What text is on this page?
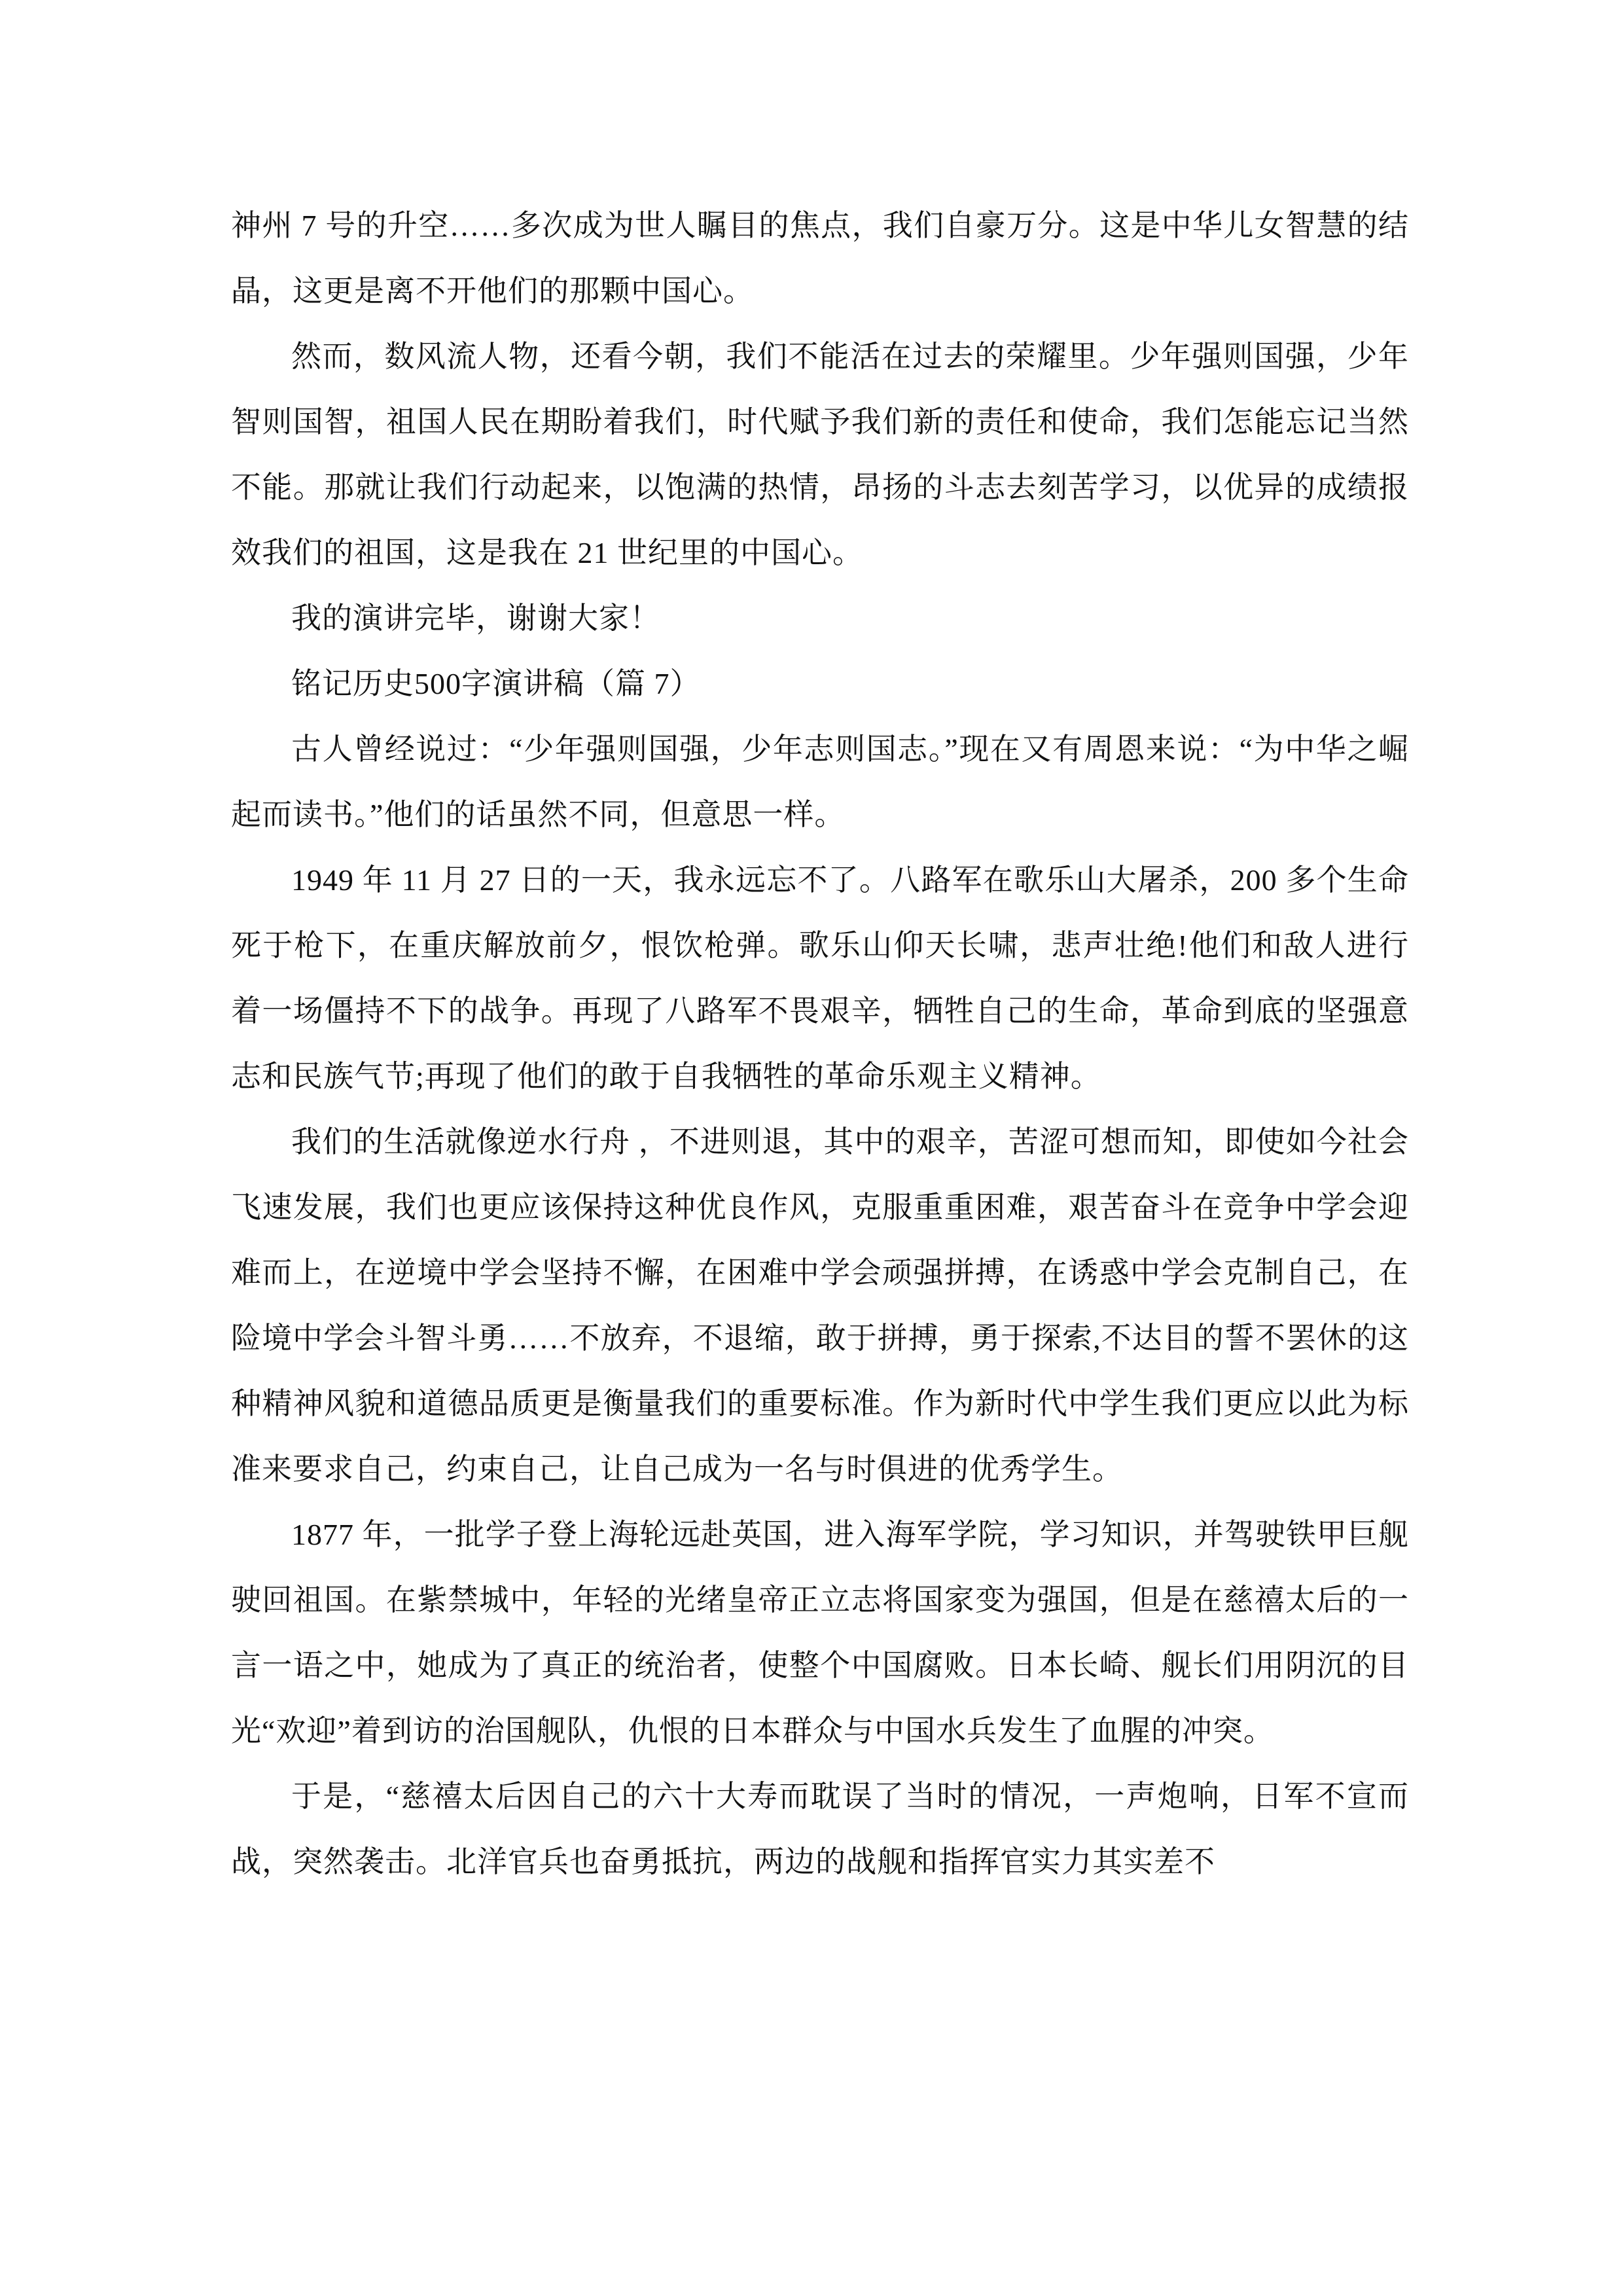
神州 7 号的升空……多次成为世人瞩目的焦点，我们自豪万分。这是中华儿女智慧的结晶，这更是离不开他们的那颗中国心。

然而，数风流人物，还看今朝，我们不能活在过去的荣耀里。少年强则国强，少年智则国智，祖国人民在期盼着我们，时代赋予我们新的责任和使命，我们怎能忘记当然不能。那就让我们行动起来，以饱满的热情，昂扬的斗志去刻苦学习，以优异的成绩报效我们的祖国，这是我在 21 世纪里的中国心。

我的演讲完毕，谢谢大家！

铭记历史500字演讲稿（篇 7）

古人曾经说过：“少年强则国强，少年志则国志。”现在又有周恩来说：“为中华之崛起而读书。”他们的话虽然不同，但意思一样。

1949 年 11 月 27 日的一天，我永远忘不了。八路军在歌乐山大屠杀，200 多个生命死于枪下，在重庆解放前夕，恨饮枪弹。歌乐山仰天长啸，悲声壮绝!他们和敌人进行着一场僵持不下的战争。再现了八路军不畏艰辛，牺牲自己的生命，革命到底的坚强意志和民族气节;再现了他们的敢于自我牺牲的革命乐观主义精神。

我们的生活就像逆水行舟 ，不进则退，其中的艰辛，苦涩可想而知，即使如今社会飞速发展，我们也更应该保持这种优良作风，克服重重困难，艰苦奋斗在竞争中学会迎难而上，在逆境中学会坚持不懈，在困难中学会顽强拼搏，在诱惑中学会克制自己，在险境中学会斗智斗勇……不放弃，不退缩，敢于拼搏，勇于探索,不达目的誓不罢休的这种精神风貌和道德品质更是衡量我们的重要标准。作为新时代中学生我们更应以此为标准来要求自己，约束自己，让自己成为一名与时俱进的优秀学生。

1877 年，一批学子登上海轮远赴英国，进入海军学院，学习知识，并驾驶铁甲巨舰驶回祖国。在紫禁城中，年轻的光绪皇帝正立志将国家变为强国，但是在慈禧太后的一言一语之中，她成为了真正的统治者，使整个中国腐败。日本长崎、舰长们用阴沉的目光“欢迎”着到访的治国舰队，仇恨的日本群众与中国水兵发生了血腥的冲突。

于是，“慈禧太后因自己的六十大寿而耽误了当时的情况，一声炮响，日军不宣而战，突然袭击。北洋官兵也奋勇抵抗，两边的战舰和指挥官实力其实差不
